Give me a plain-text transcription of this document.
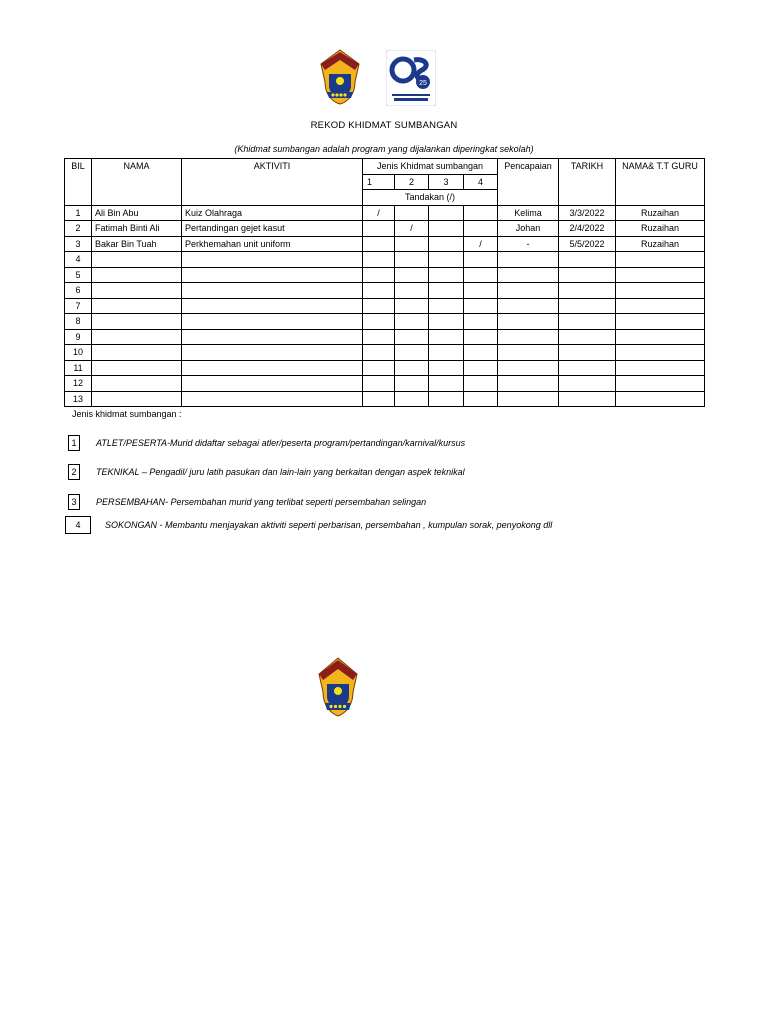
25
REKOD KHIDMAT SUMBANGAN
(Khidmat sumbangan adalah program yang dijalankan diperingkat sekolah)
BIL	NAMA	AKTIVITI	Jenis Khidmat sumbangan				Pencapaian	TARIKH	NAMA& T.T GURU
			1	2	3	4			
			Tandakan (/)						
1	Ali Bin Abu	Kuiz Olahraga	/				Kelima	3/3/2022	Ruzaihan
2	Fatimah Binti Ali	Pertandingan gejet kasut		/			Johan	2/4/2022	Ruzaihan
3	Bakar Bin Tuah	Perkhemahan unit uniform				/	-	5/5/2022	Ruzaihan
4									
5									
6									
7									
8									
9									
10									
11									
12									
13									
Jenis khidmat sumbangan :
1 ATLET/PESERTA-Murid didaftar sebagai atler/peserta program/pertandingan/karnival/kursus
2 TEKNIKAL – Pengadil/ juru latih pasukan dan lain-lain yang berkaitan dengan aspek teknikal
3 PERSEMBAHAN- Persembahan murid yang terlibat seperti persembahan selingan
4	SOKONGAN - Membantu menjayakan aktiviti seperti perbarisan, persembahan , kumpulan sorak, penyokong dll
